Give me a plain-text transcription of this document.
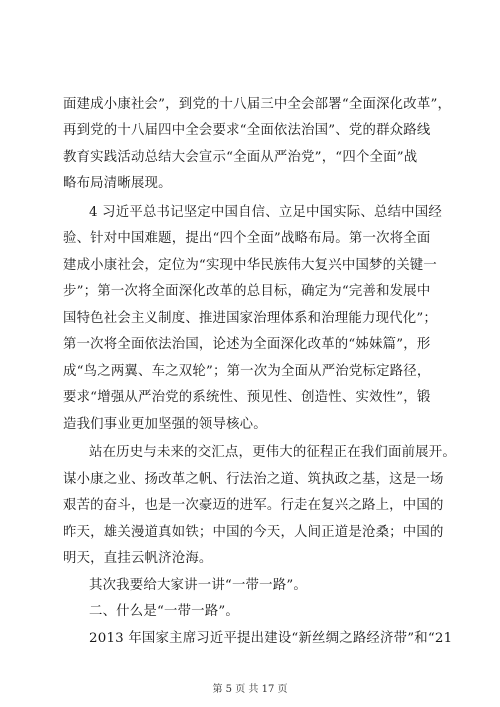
面建成小康社会”，到党的十八届三中全会部署“全面深化改革”，
再到党的十八届四中全会要求“全面依法治国”、党的群众路线
教育实践活动总结大会宣示“全面从严治党”，“四个全面”战
略布局清晰展现。
4 习近平总书记坚定中国自信、立足中国实际、总结中国经
验、针对中国难题，提出“四个全面”战略布局。第一次将全面
建成小康社会，定位为“实现中华民族伟大复兴中国梦的关键一
步”；第一次将全面深化改革的总目标，确定为“完善和发展中
国特色社会主义制度、推进国家治理体系和治理能力现代化”；
第一次将全面依法治国，论述为全面深化改革的“姊妹篇”，形
成“鸟之两翼、车之双轮”；第一次为全面从严治党标定路径，
要求“增强从严治党的系统性、预见性、创造性、实效性”，锻
造我们事业更加坚强的领导核心。
站在历史与未来的交汇点，更伟大的征程正在我们面前展开。
谋小康之业、扬改革之帆、行法治之道、筑执政之基，这是一场
艰苦的奋斗，也是一次豪迈的进军。行走在复兴之路上，中国的
昨天，雄关漫道真如铁；中国的今天，人间正道是沧桑；中国的
明天，直挂云帆济沧海。
其次我要给大家讲一讲“一带一路”。
二、什么是“一带一路”。
2013 年国家主席习近平提出建设“新丝绸之路经济带”和“21
第 5 页 共 17 页
